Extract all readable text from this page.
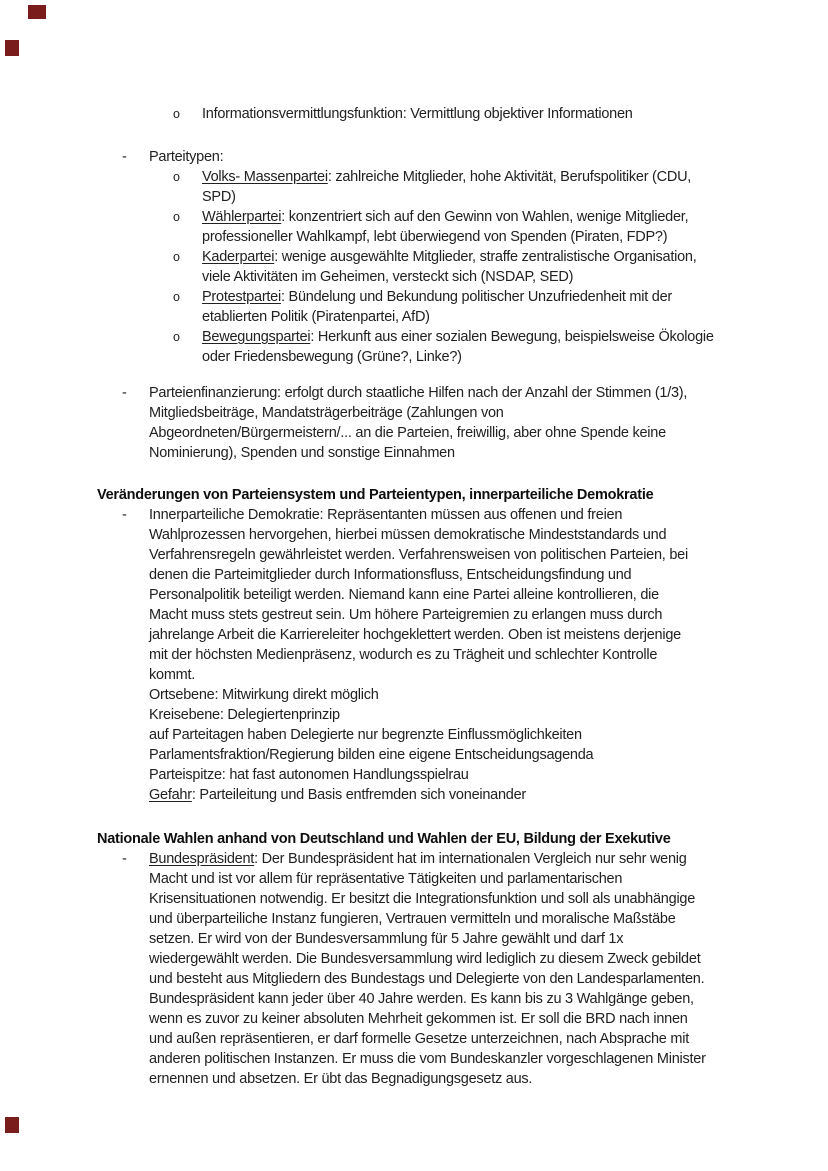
o Informationsvermittlungsfunktion: Vermittlung objektiver Informationen
- Parteitypen:
o Volks- Massenpartei: zahlreiche Mitglieder, hohe Aktivität, Berufspolitiker (CDU,
SPD)
o Wählerpartei: konzentriert sich auf den Gewinn von Wahlen, wenige Mitglieder,
professioneller Wahlkampf, lebt überwiegend von Spenden (Piraten, FDP?)
o Kaderpartei: wenige ausgewählte Mitglieder, straffe zentralistische Organisation,
viele Aktivitäten im Geheimen, versteckt sich (NSDAP, SED)
o Protestpartei: Bündelung und Bekundung politischer Unzufriedenheit mit der
etablierten Politik (Piratenpartei, AfD)
o Bewegungspartei: Herkunft aus einer sozialen Bewegung, beispielsweise Ökologie
oder Friedensbewegung (Grüne?, Linke?)
- Parteienfinanzierung: erfolgt durch staatliche Hilfen nach der Anzahl der Stimmen (1/3),
Mitgliedsbeiträge, Mandatsträgerbeiträge (Zahlungen von
Abgeordneten/Bürgermeistern/... an die Parteien, freiwillig, aber ohne Spende keine
Nominierung), Spenden und sonstige Einnahmen
Veränderungen von Parteiensystem und Parteientypen, innerparteiliche Demokratie
- Innerparteiliche Demokratie: Repräsentanten müssen aus offenen und freien
Wahlprozessen hervorgehen, hierbei müssen demokratische Mindeststandards und
Verfahrensregeln gewährleistet werden. Verfahrensweisen von politischen Parteien, bei
denen die Parteimitglieder durch Informationsfluss, Entscheidungsfindung und
Personalpolitik beteiligt werden. Niemand kann eine Partei alleine kontrollieren, die
Macht muss stets gestreut sein. Um höhere Parteigremien zu erlangen muss durch
jahrelange Arbeit die Karriereleiter hochgeklettert werden. Oben ist meistens derjenige
mit der höchsten Medienpräsenz, wodurch es zu Trägheit und schlechter Kontrolle
kommt.
Ortsebene: Mitwirkung direkt möglich
Kreisebene: Delegiertenprinzip
auf Parteitagen haben Delegierte nur begrenzte Einflussmöglichkeiten
Parlamentsfraktion/Regierung bilden eine eigene Entscheidungsagenda
Parteispitze: hat fast autonomen Handlungsspielrau
Gefahr: Parteileitung und Basis entfremden sich voneinander
Nationale Wahlen anhand von Deutschland und Wahlen der EU, Bildung der Exekutive
- Bundespräsident: Der Bundespräsident hat im internationalen Vergleich nur sehr wenig
Macht und ist vor allem für repräsentative Tätigkeiten und parlamentarischen
Krisensituationen notwendig. Er besitzt die Integrationsfunktion und soll als unabhängige
und überparteiliche Instanz fungieren, Vertrauen vermitteln und moralische Maßstäbe
setzen. Er wird von der Bundesversammlung für 5 Jahre gewählt und darf 1x
wiedergewählt werden. Die Bundesversammlung wird lediglich zu diesem Zweck gebildet
und besteht aus Mitgliedern des Bundestags und Delegierte von den Landesparlamenten.
Bundespräsident kann jeder über 40 Jahre werden. Es kann bis zu 3 Wahlgänge geben,
wenn es zuvor zu keiner absoluten Mehrheit gekommen ist. Er soll die BRD nach innen
und außen repräsentieren, er darf formelle Gesetze unterzeichnen, nach Absprache mit
anderen politischen Instanzen. Er muss die vom Bundeskanzler vorgeschlagenen Minister
ernennen und absetzen. Er übt das Begnadigungsgesetz aus.
